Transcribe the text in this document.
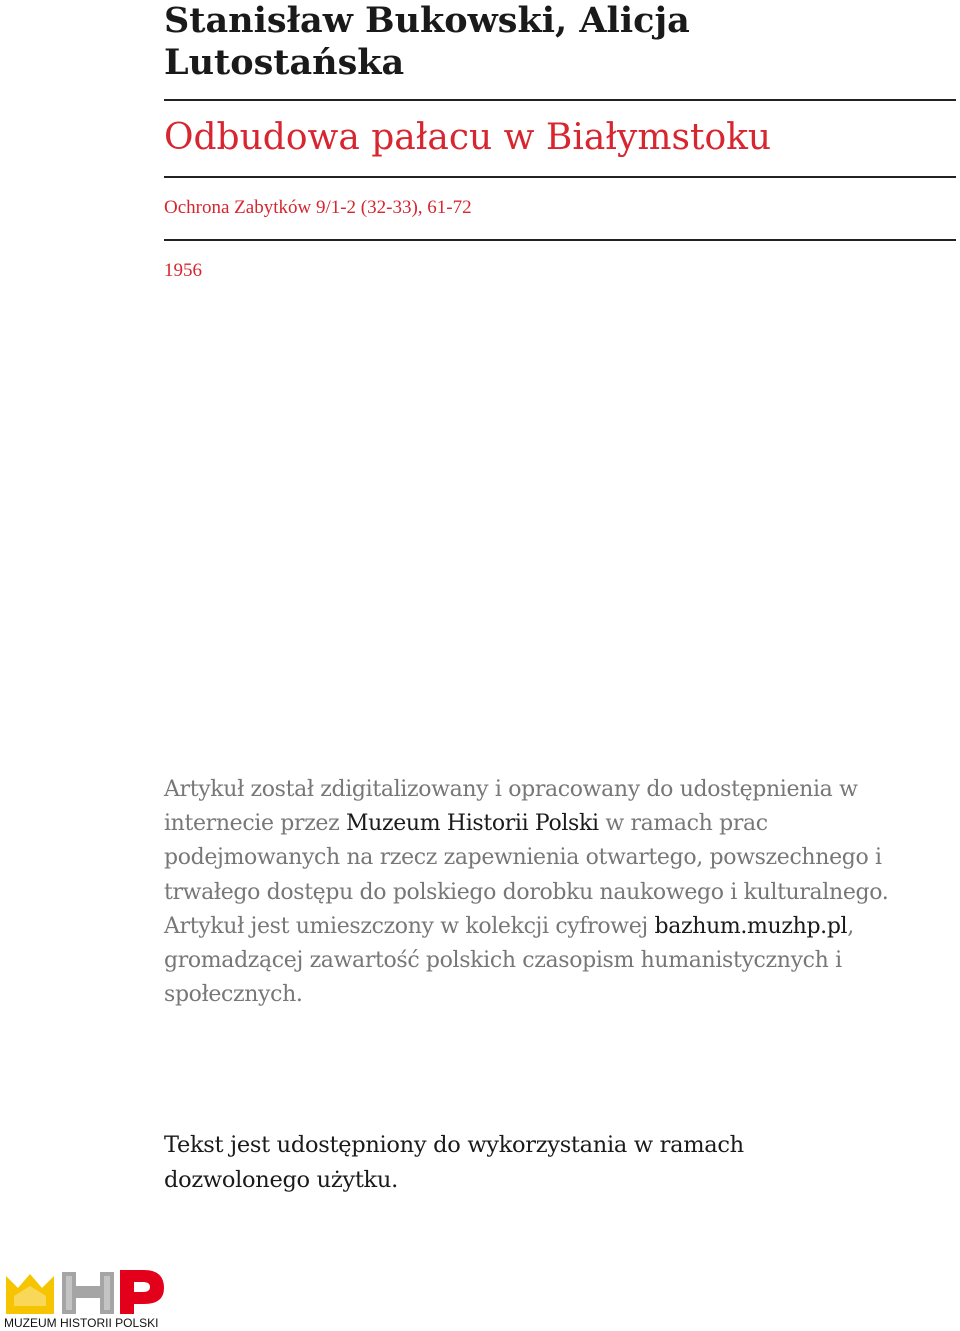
Stanisław Bukowski, Alicja Lutostańska
Odbudowa pałacu w Białymstoku
Ochrona Zabytków 9/1-2 (32-33), 61-72
1956

Artykuł został zdigitalizowany i opracowany do udostępnienia w internecie przez Muzeum Historii Polski w ramach prac podejmowanych na rzecz zapewnienia otwartego, powszechnego i trwałego dostępu do polskiego dorobku naukowego i kulturalnego. Artykuł jest umieszczony w kolekcji cyfrowej bazhum.muzhp.pl, gromadzącej zawartość polskich czasopism humanistycznych i społecznych.

Tekst jest udostępniony do wykorzystania w ramach dozwolonego użytku.

MUZEUM HISTORII POLSKI
